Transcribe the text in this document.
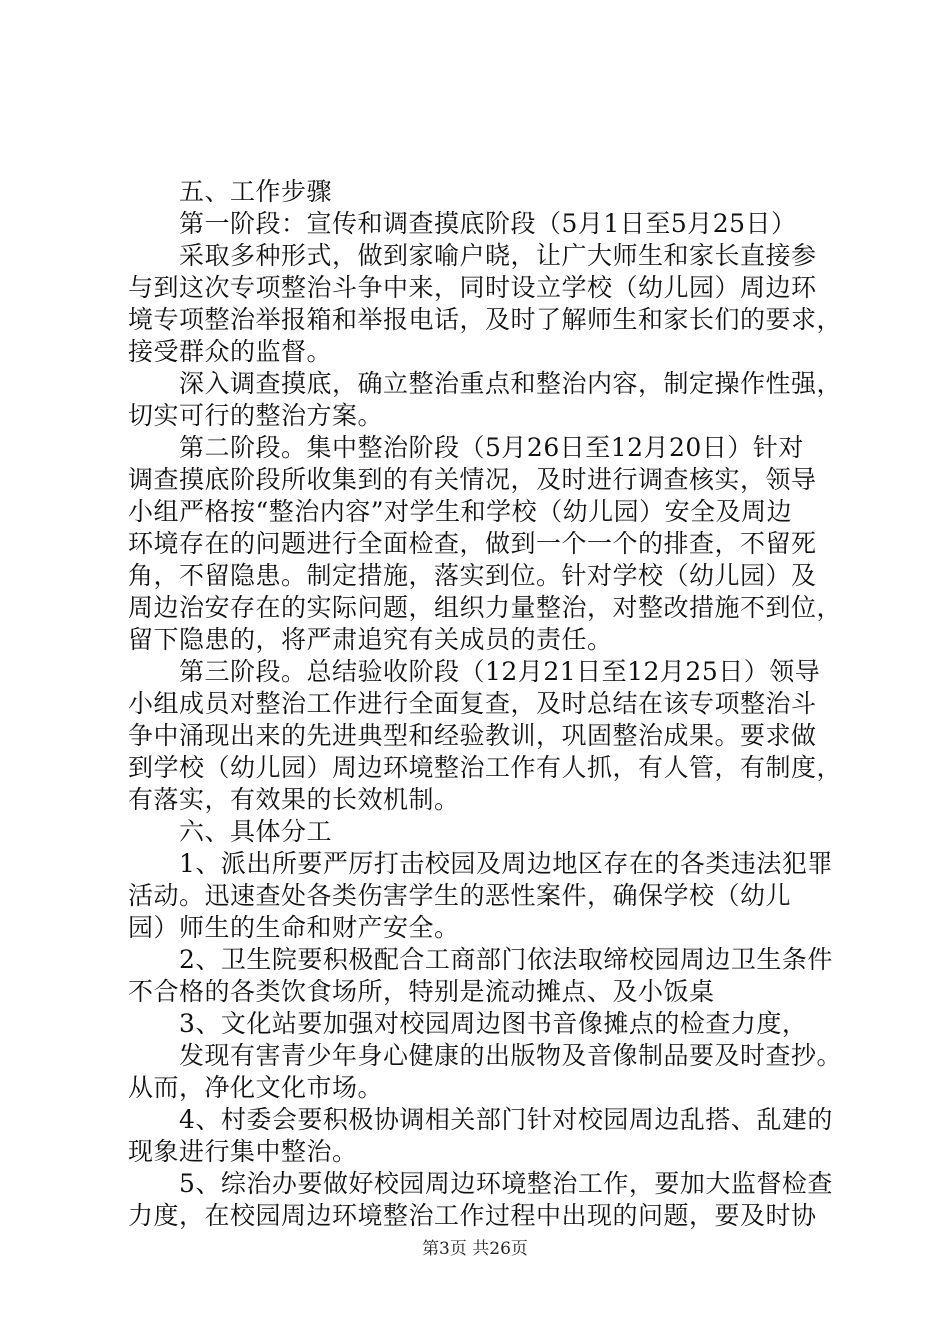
　　五、工作步骤
　　第一阶段：宣传和调查摸底阶段（5月1日至5月25日）
　　采取多种形式，做到家喻户晓，让广大师生和家长直接参
与到这次专项整治斗争中来，同时设立学校（幼儿园）周边环
境专项整治举报箱和举报电话，及时了解师生和家长们的要求，
接受群众的监督。
　　深入调查摸底，确立整治重点和整治内容，制定操作性强，
切实可行的整治方案。
　　第二阶段。集中整治阶段（5月26日至12月20日）针对
调查摸底阶段所收集到的有关情况，及时进行调查核实，领导
小组严格按“整治内容”对学生和学校（幼儿园）安全及周边
环境存在的问题进行全面检查，做到一个一个的排查，不留死
角，不留隐患。制定措施，落实到位。针对学校（幼儿园）及
周边治安存在的实际问题，组织力量整治，对整改措施不到位，
留下隐患的，将严肃追究有关成员的责任。
　　第三阶段。总结验收阶段（12月21日至12月25日）领导
小组成员对整治工作进行全面复查，及时总结在该专项整治斗
争中涌现出来的先进典型和经验教训，巩固整治成果。要求做
到学校（幼儿园）周边环境整治工作有人抓，有人管，有制度，
有落实，有效果的长效机制。
　　六、具体分工
　　1、派出所要严厉打击校园及周边地区存在的各类违法犯罪
活动。迅速查处各类伤害学生的恶性案件，确保学校（幼儿
园）师生的生命和财产安全。
　　2、卫生院要积极配合工商部门依法取缔校园周边卫生条件
不合格的各类饮食场所，特别是流动摊点、及小饭桌
　　3、文化站要加强对校园周边图书音像摊点的检查力度，
　　发现有害青少年身心健康的出版物及音像制品要及时查抄。
从而，净化文化市场。
　　4、村委会要积极协调相关部门针对校园周边乱搭、乱建的
现象进行集中整治。
　　5、综治办要做好校园周边环境整治工作，要加大监督检查
力度，在校园周边环境整治工作过程中出现的问题，要及时协
第3页 共26页
